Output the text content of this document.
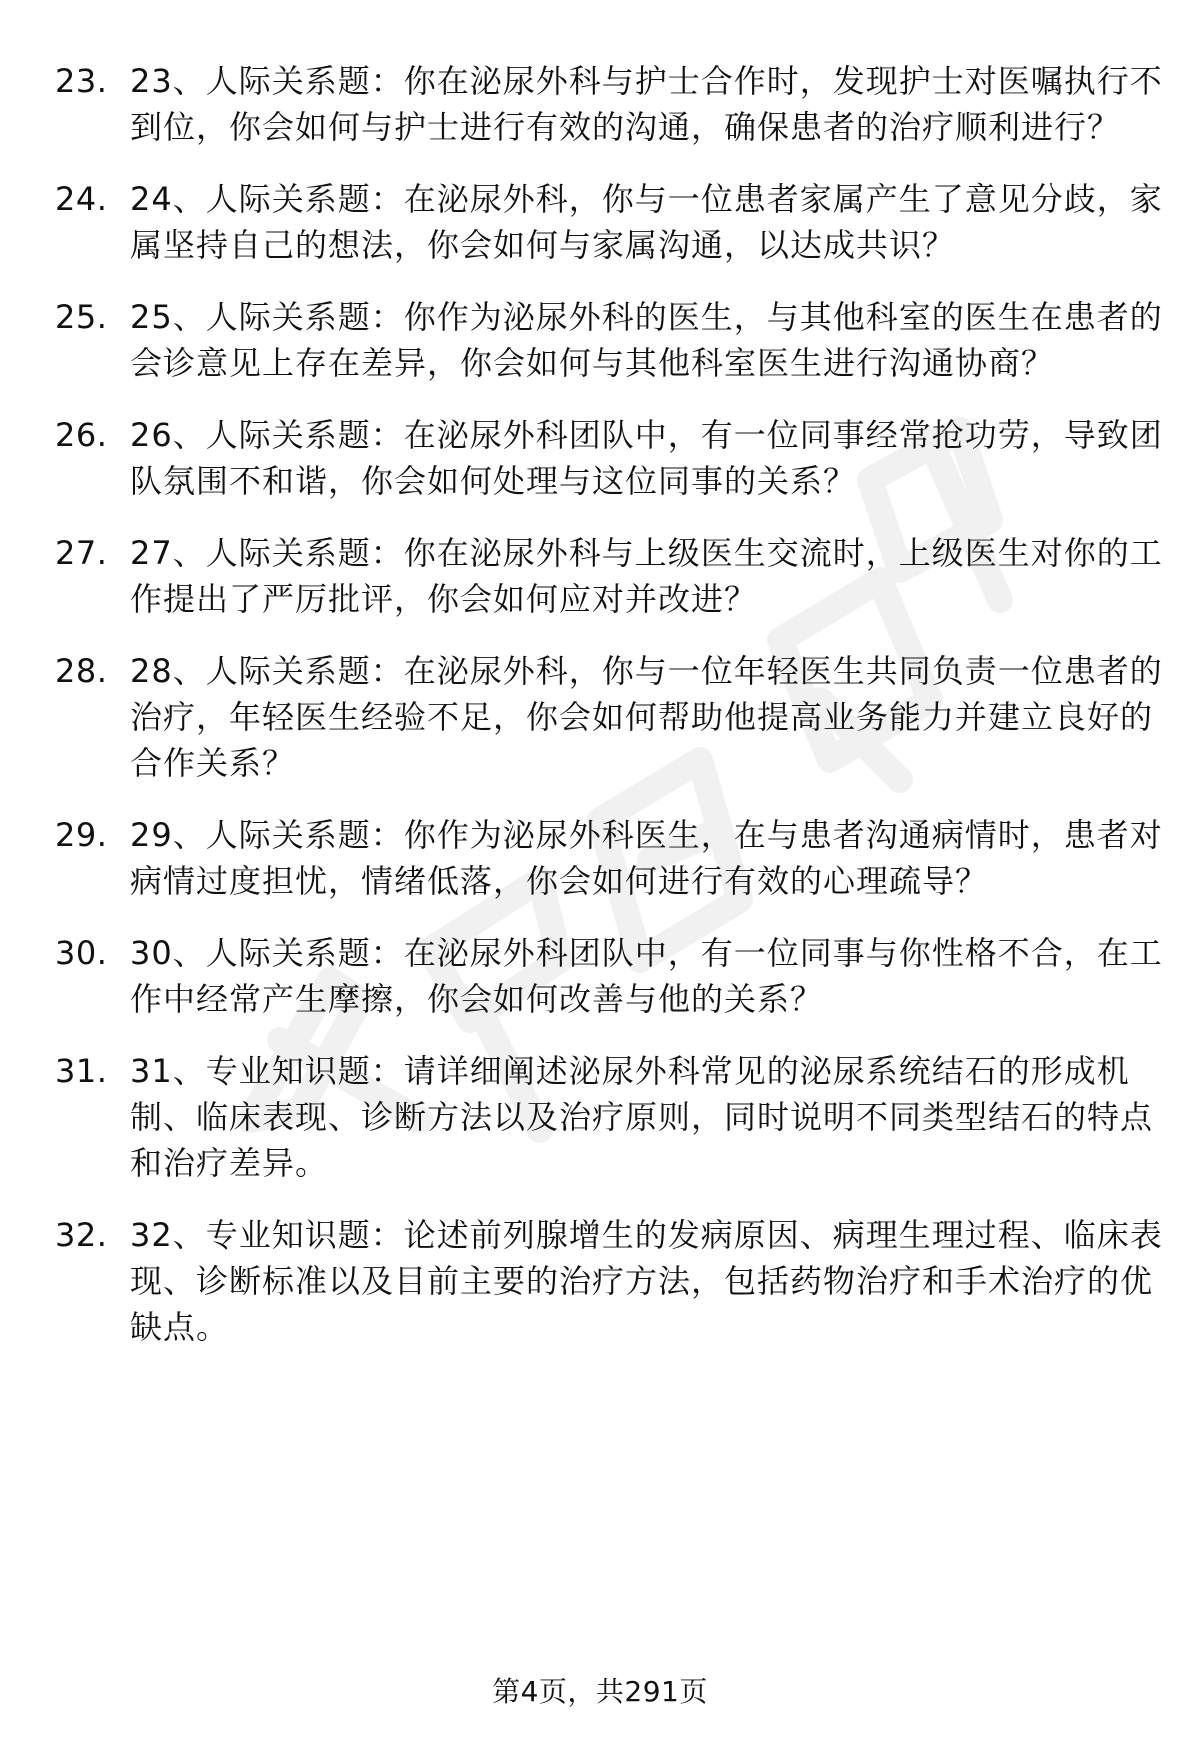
23. 23、人际关系题：你在泌尿外科与护士合作时，发现护士对医嘱执行不到位，你会如何与护士进行有效的沟通，确保患者的治疗顺利进行？
24. 24、人际关系题：在泌尿外科，你与一位患者家属产生了意见分歧，家属坚持自己的想法，你会如何与家属沟通，以达成共识？
25. 25、人际关系题：你作为泌尿外科的医生，与其他科室的医生在患者的会诊意见上存在差异，你会如何与其他科室医生进行沟通协商？
26. 26、人际关系题：在泌尿外科团队中，有一位同事经常抢功劳，导致团队氛围不和谐，你会如何处理与这位同事的关系？
27. 27、人际关系题：你在泌尿外科与上级医生交流时，上级医生对你的工作提出了严厉批评，你会如何应对并改进？
28. 28、人际关系题：在泌尿外科，你与一位年轻医生共同负责一位患者的治疗，年轻医生经验不足，你会如何帮助他提高业务能力并建立良好的合作关系？
29. 29、人际关系题：你作为泌尿外科医生，在与患者沟通病情时，患者对病情过度担忧，情绪低落，你会如何进行有效的心理疏导？
30. 30、人际关系题：在泌尿外科团队中，有一位同事与你性格不合，在工作中经常产生摩擦，你会如何改善与他的关系？
31. 31、专业知识题：请详细阐述泌尿外科常见的泌尿系统结石的形成机制、临床表现、诊断方法以及治疗原则，同时说明不同类型结石的特点和治疗差异。
32. 32、专业知识题：论述前列腺增生的发病原因、病理生理过程、临床表现、诊断标准以及目前主要的治疗方法，包括药物治疗和手术治疗的优缺点。
第4页，共291页
